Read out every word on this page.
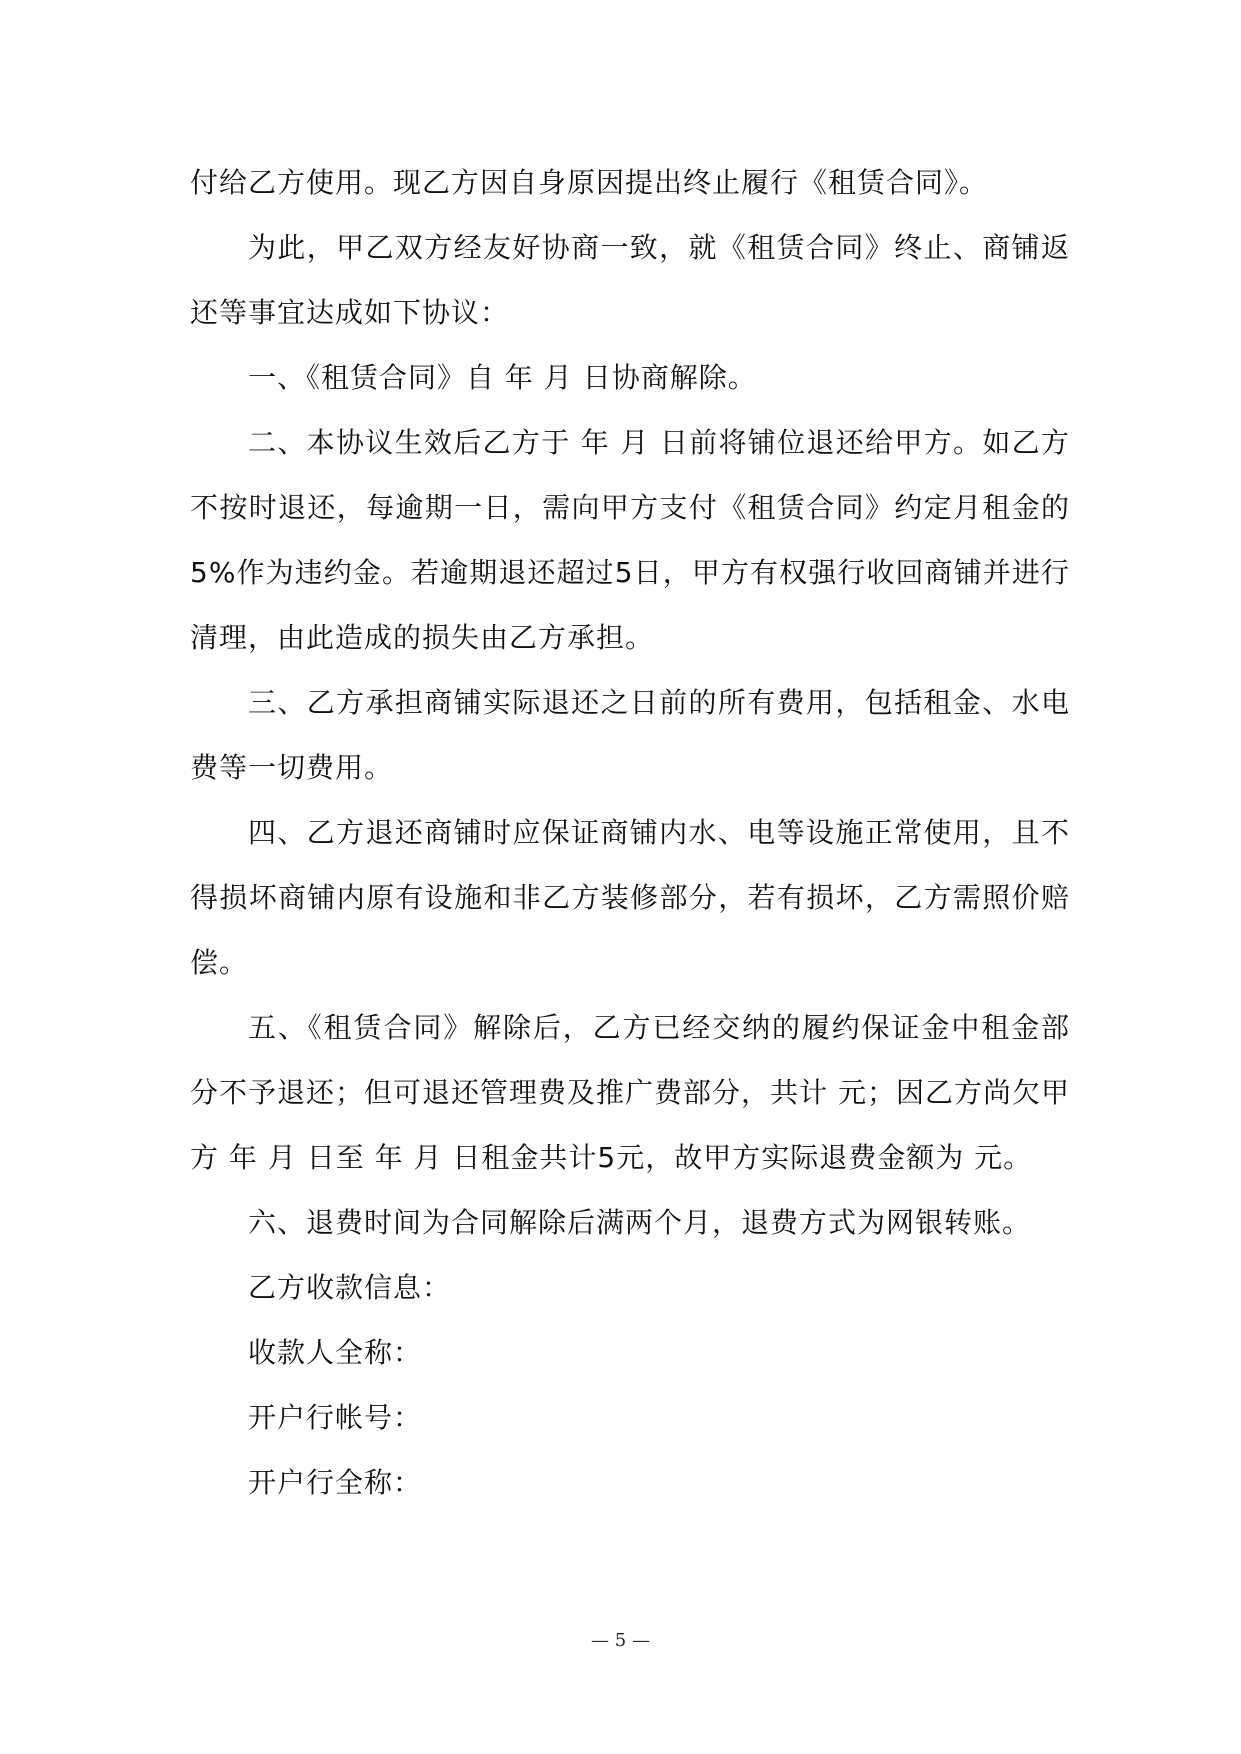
付给乙方使用。现乙方因自身原因提出终止履行《租赁合同》。

为此，甲乙双方经友好协商一致，就《租赁合同》终止、商铺返还等事宜达成如下协议：

一、《租赁合同》自 年 月 日协商解除。

二、本协议生效后乙方于 年 月 日前将铺位退还给甲方。如乙方不按时退还，每逾期一日，需向甲方支付《租赁合同》约定月租金的5%作为违约金。若逾期退还超过5日，甲方有权强行收回商铺并进行清理，由此造成的损失由乙方承担。

三、乙方承担商铺实际退还之日前的所有费用，包括租金、水电费等一切费用。

四、乙方退还商铺时应保证商铺内水、电等设施正常使用，且不得损坏商铺内原有设施和非乙方装修部分，若有损坏，乙方需照价赔偿。

五、《租赁合同》解除后，乙方已经交纳的履约保证金中租金部分不予退还；但可退还管理费及推广费部分，共计 元；因乙方尚欠甲方 年 月 日至 年 月 日租金共计5元，故甲方实际退费金额为 元。

六、退费时间为合同解除后满两个月，退费方式为网银转账。

乙方收款信息：

收款人全称：

开户行帐号：

开户行全称：

— 5 —
